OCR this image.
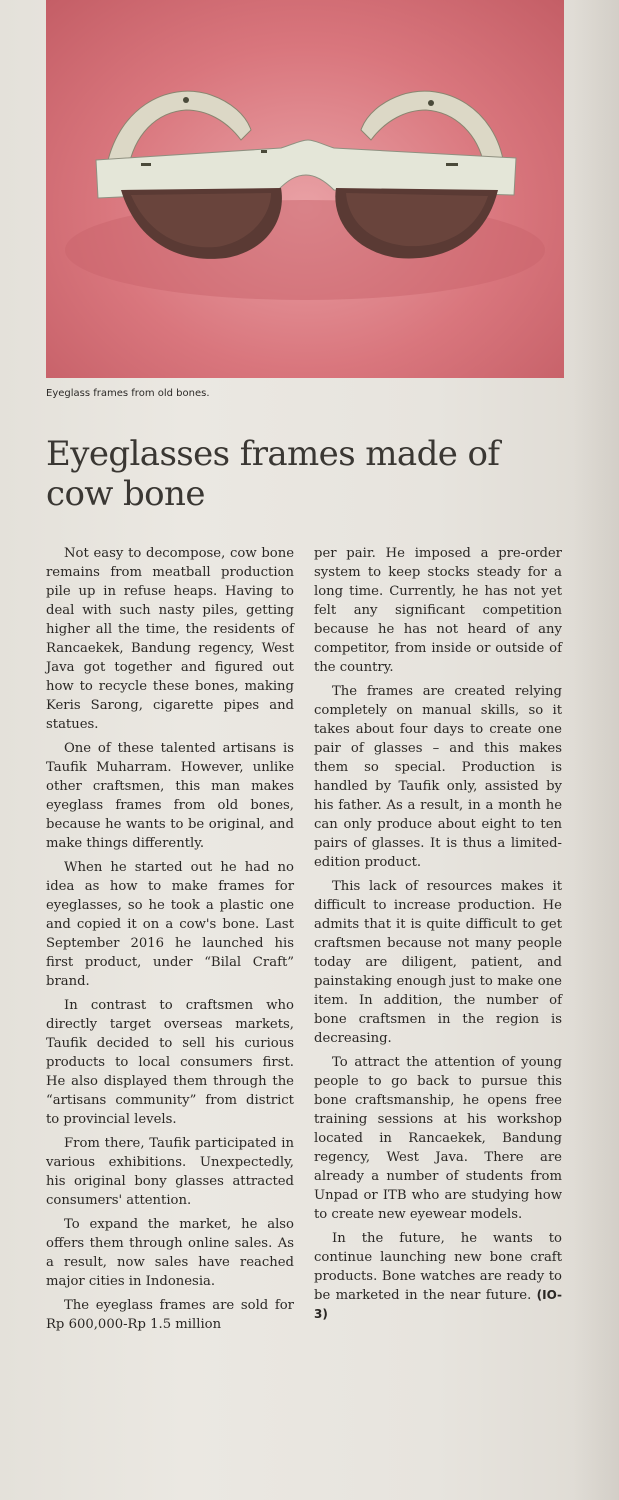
Eyeglass frames from old bones.
Eyeglasses frames made of cow bone

Not easy to decompose, cow bone remains from meatball production pile up in refuse heaps. Having to deal with such nasty piles, getting higher all the time, the residents of Rancaekek, Bandung regency, West Java got together and figured out how to recycle these bones, making Keris Sarong, cigarette pipes and statues.

One of these talented artisans is Taufik Muharram. However, unlike other craftsmen, this man makes eyeglass frames from old bones, because he wants to be original, and make things differently.

When he started out he had no idea as how to make frames for eyeglasses, so he took a plastic one and copied it on a cow's bone. Last September 2016 he launched his first product, under “Bilal Craft” brand.

In contrast to craftsmen who directly target overseas markets, Taufik decided to sell his curious products to local consumers first. He also displayed them through the “artisans community” from district to provincial levels.

From there, Taufik participated in various exhibitions. Unexpectedly, his original bony glasses attracted consumers' attention.

To expand the market, he also offers them through online sales. As a result, now sales have reached major cities in Indonesia.

The eyeglass frames are sold for Rp 600,000-Rp 1.5 million

per pair. He imposed a pre-order system to keep stocks steady for a long time. Currently, he has not yet felt any significant competition because he has not heard of any competitor, from inside or outside of the country.

The frames are created relying completely on manual skills, so it takes about four days to create one pair of glasses – and this makes them so special. Production is handled by Taufik only, assisted by his father. As a result, in a month he can only produce about eight to ten pairs of glasses. It is thus a limited-edition product.

This lack of resources makes it difficult to increase production. He admits that it is quite difficult to get craftsmen because not many people today are diligent, patient, and painstaking enough just to make one item. In addition, the number of bone craftsmen in the region is decreasing.

To attract the attention of young people to go back to pursue this bone craftsmanship, he opens free training sessions at his workshop located in Rancaekek, Bandung regency, West Java. There are already a number of students from Unpad or ITB who are studying how to create new eyewear models.

In the future, he wants to continue launching new bone craft products. Bone watches are ready to be marketed in the near future. (IO-3)
